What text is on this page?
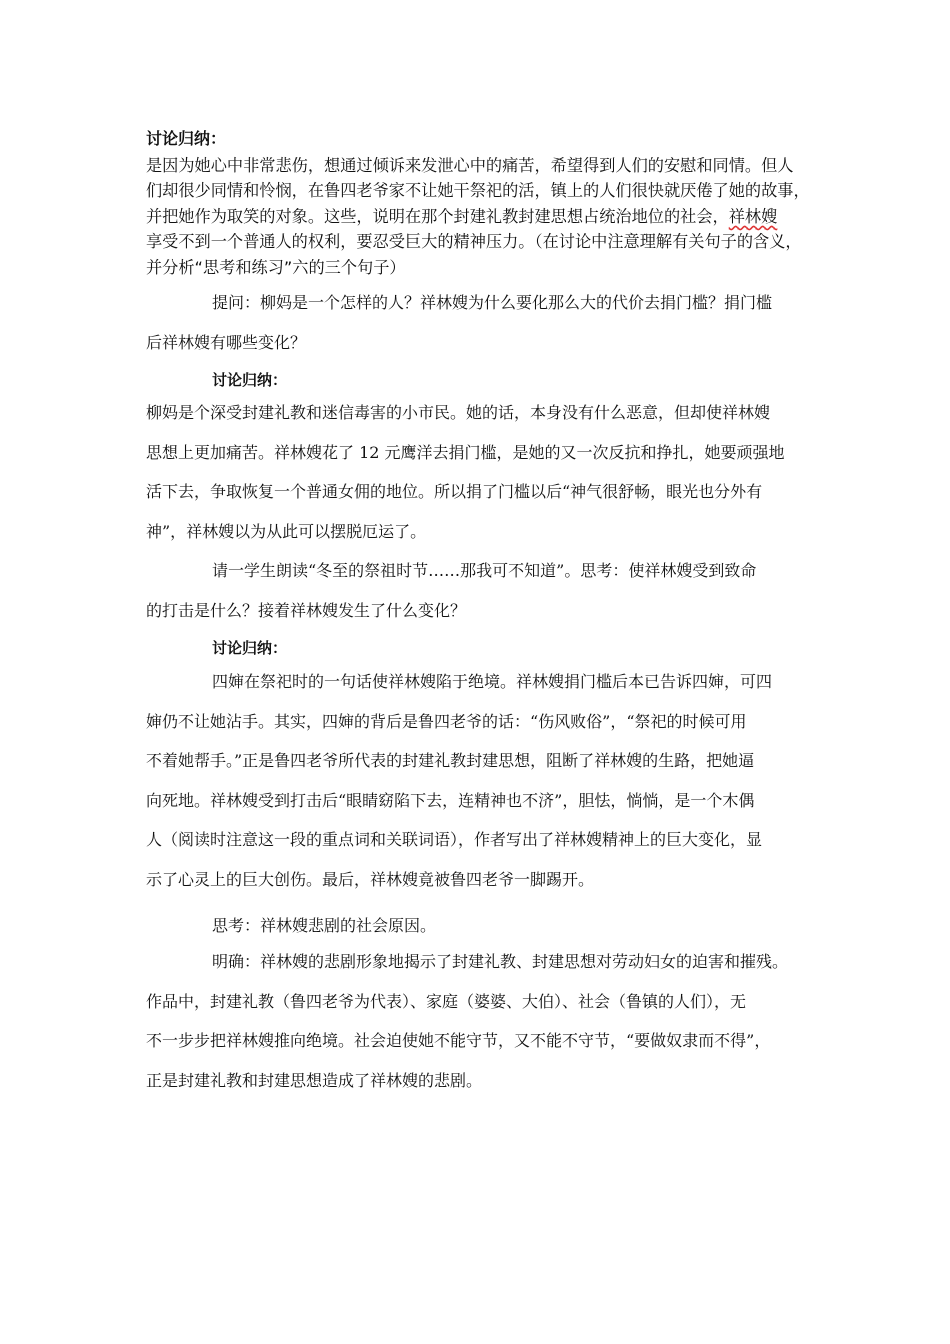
讨论归纳：
是因为她心中非常悲伤，想通过倾诉来发泄心中的痛苦，希望得到人们的安慰和同情。但人
们却很少同情和怜悯，在鲁四老爷家不让她干祭祀的活，镇上的人们很快就厌倦了她的故事，
并把她作为取笑的对象。这些，说明在那个封建礼教封建思想占统治地位的社会，祥林嫂
享受不到一个普通人的权利，要忍受巨大的精神压力。（在讨论中注意理解有关句子的含义，
并分析“思考和练习”六的三个句子）

提问：柳妈是一个怎样的人？祥林嫂为什么要化那么大的代价去捐门槛？捐门槛

后祥林嫂有哪些变化？

讨论归纳：

柳妈是个深受封建礼教和迷信毒害的小市民。她的话，本身没有什么恶意，但却使祥林嫂

思想上更加痛苦。祥林嫂花了 12 元鹰洋去捐门槛，是她的又一次反抗和挣扎，她要顽强地

活下去，争取恢复一个普通女佣的地位。所以捐了门槛以后“神气很舒畅，眼光也分外有

神”，祥林嫂以为从此可以摆脱厄运了。

请一学生朗读“冬至的祭祖时节……那我可不知道”。思考：使祥林嫂受到致命

的打击是什么？接着祥林嫂发生了什么变化？

讨论归纳：

四婶在祭祀时的一句话使祥林嫂陷于绝境。祥林嫂捐门槛后本已告诉四婶，可四

婶仍不让她沾手。其实，四婶的背后是鲁四老爷的话：“伤风败俗”，“祭祀的时候可用

不着她帮手。”正是鲁四老爷所代表的封建礼教封建思想，阻断了祥林嫂的生路，把她逼

向死地。祥林嫂受到打击后“眼睛窈陷下去，连精神也不济”，胆怯，惝惝，是一个木偶

人（阅读时注意这一段的重点词和关联词语），作者写出了祥林嫂精神上的巨大变化，显

示了心灵上的巨大创伤。最后，祥林嫂竟被鲁四老爷一脚踢开。

思考：祥林嫂悲剧的社会原因。

明确：祥林嫂的悲剧形象地揭示了封建礼教、封建思想对劳动妇女的迫害和摧残。

作品中，封建礼教（鲁四老爷为代表）、家庭（婆婆、大伯）、社会（鲁镇的人们），无

不一步步把祥林嫂推向绝境。社会迫使她不能守节，又不能不守节，“要做奴隶而不得”，

正是封建礼教和封建思想造成了祥林嫂的悲剧。
